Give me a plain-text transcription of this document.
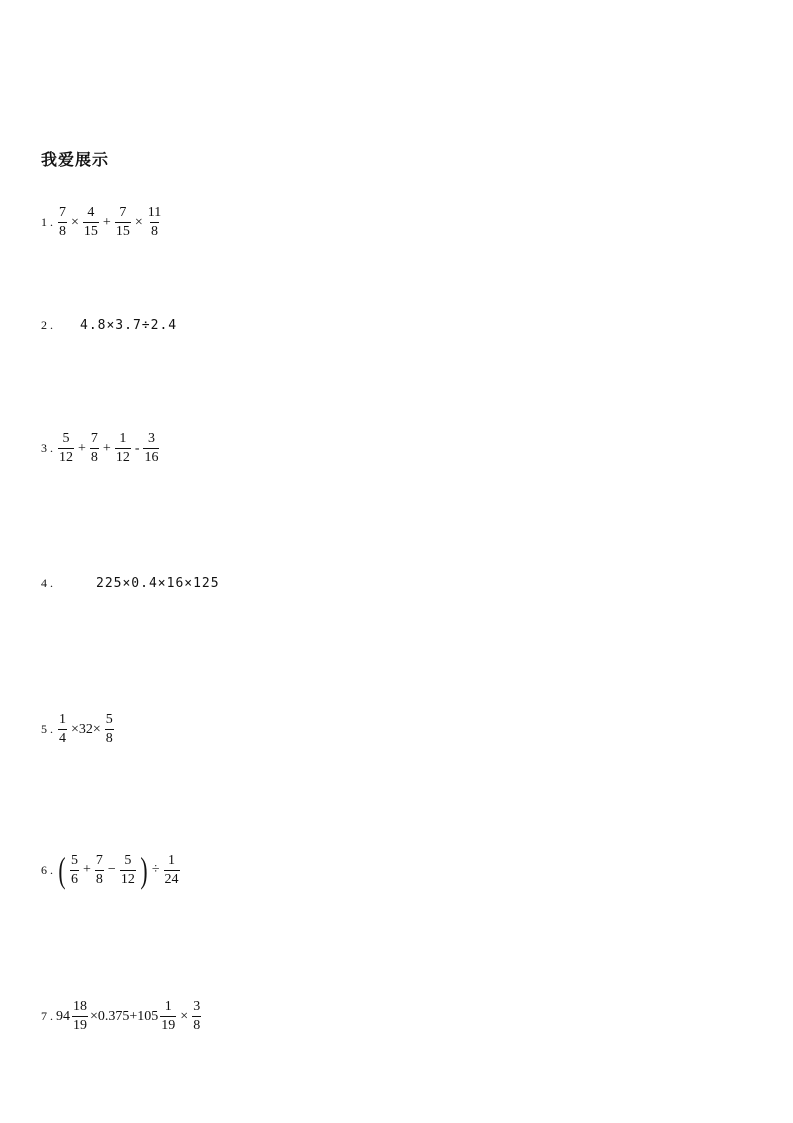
我爱展示
1 . $\frac{7}{8} \times \frac{4}{15} + \frac{7}{15} \times \frac{11}{8}$
2 . 4.8×3.7÷2.4
3 . $\frac{5}{12} + \frac{7}{8} + \frac{1}{12} - \frac{3}{16}$
4 .	225×0.4×16×125
5 . $\frac{1}{4} \times 32\times \frac{5}{8}$
6 . ( $\frac{5}{6} + \frac{7}{8} - \frac{5}{12}$ ) ÷ $\frac{1}{24}$
7 . $94 \frac{18}{19} \times 0.375+105 \frac{1}{19} \times \frac{3}{8}$
